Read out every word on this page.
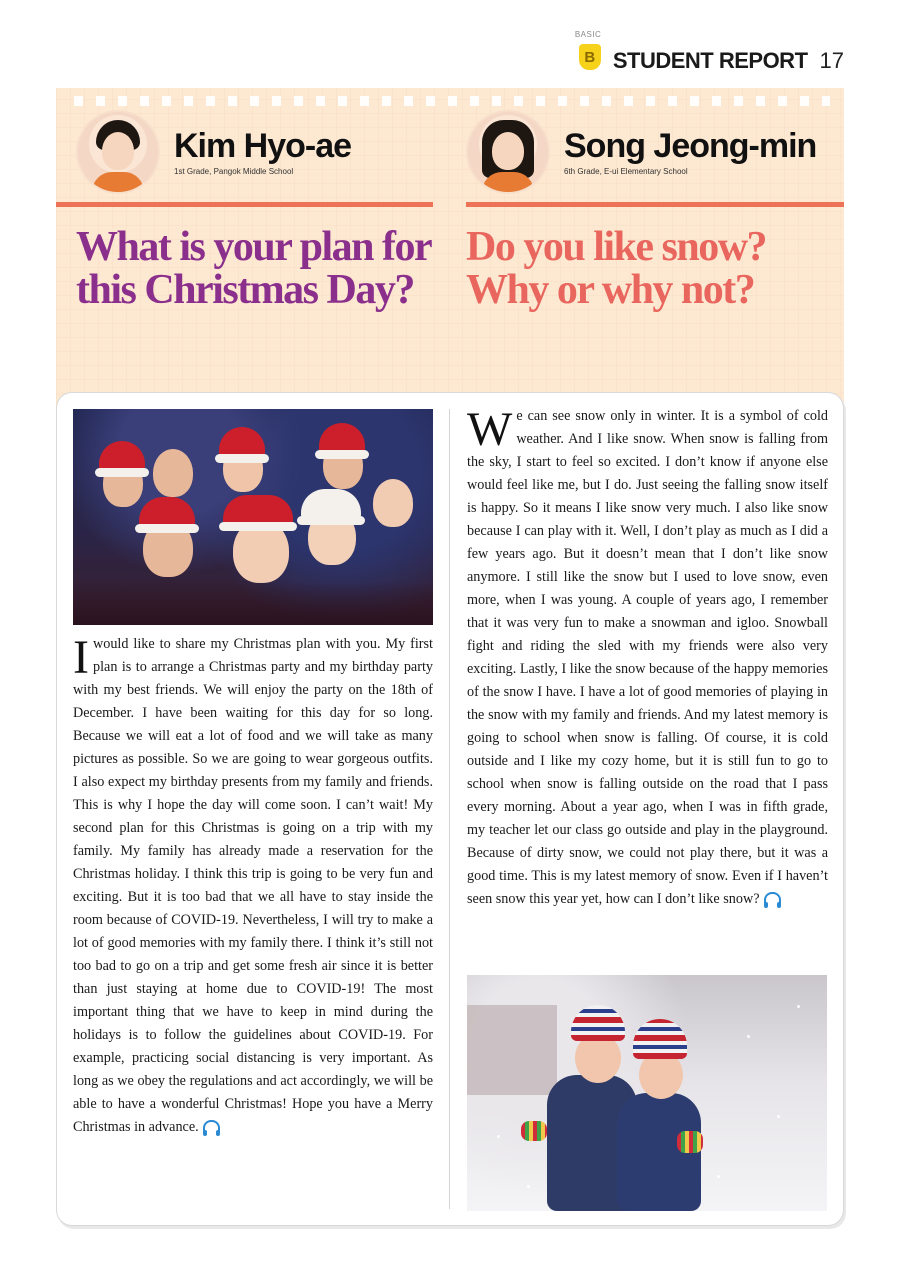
BASIC
B STUDENT REPORT 17
Kim Hyo-ae
1st Grade, Pangok Middle School
Song Jeong-min
6th Grade, E-ui Elementary School
What is your plan for this Christmas Day?
Do you like snow? Why or why not?

I would like to share my Christmas plan with you. My first plan is to arrange a Christmas party and my birthday party with my best friends. We will enjoy the party on the 18th of December. I have been waiting for this day for so long. Because we will eat a lot of food and we will take as many pictures as possible. So we are going to wear gorgeous outfits. I also expect my birthday presents from my family and friends. This is why I hope the day will come soon. I can’t wait! My second plan for this Christmas is going on a trip with my family. My family has already made a reservation for the Christmas holiday. I think this trip is going to be very fun and exciting. But it is too bad that we all have to stay inside the room because of COVID-19. Nevertheless, I will try to make a lot of good memories with my family there. I think it’s still not too bad to go on a trip and get some fresh air since it is better than just staying at home due to COVID-19! The most important thing that we have to keep in mind during the holidays is to follow the guidelines about COVID-19. For example, practicing social distancing is very important. As long as we obey the regulations and act accordingly, we will be able to have a wonderful Christmas! Hope you have a Merry Christmas in advance.

We can see snow only in winter. It is a symbol of cold weather. And I like snow. When snow is falling from the sky, I start to feel so excited. I don’t know if anyone else would feel like me, but I do. Just seeing the falling snow itself is happy. So it means I like snow very much. I also like snow because I can play with it. Well, I don’t play as much as I did a few years ago. But it doesn’t mean that I don’t like snow anymore. I still like the snow but I used to love snow, even more, when I was young. A couple of years ago, I remember that it was very fun to make a snowman and igloo. Snowball fight and riding the sled with my friends were also very exciting. Lastly, I like the snow because of the happy memories of the snow I have. I have a lot of good memories of playing in the snow with my family and friends. And my latest memory is going to school when snow is falling. Of course, it is cold outside and I like my cozy home, but it is still fun to go to school when snow is falling outside on the road that I pass every morning. About a year ago, when I was in fifth grade, my teacher let our class go outside and play in the playground. Because of dirty snow, we could not play there, but it was a good time. This is my latest memory of snow. Even if I haven’t seen snow this year yet, how can I don’t like snow?
